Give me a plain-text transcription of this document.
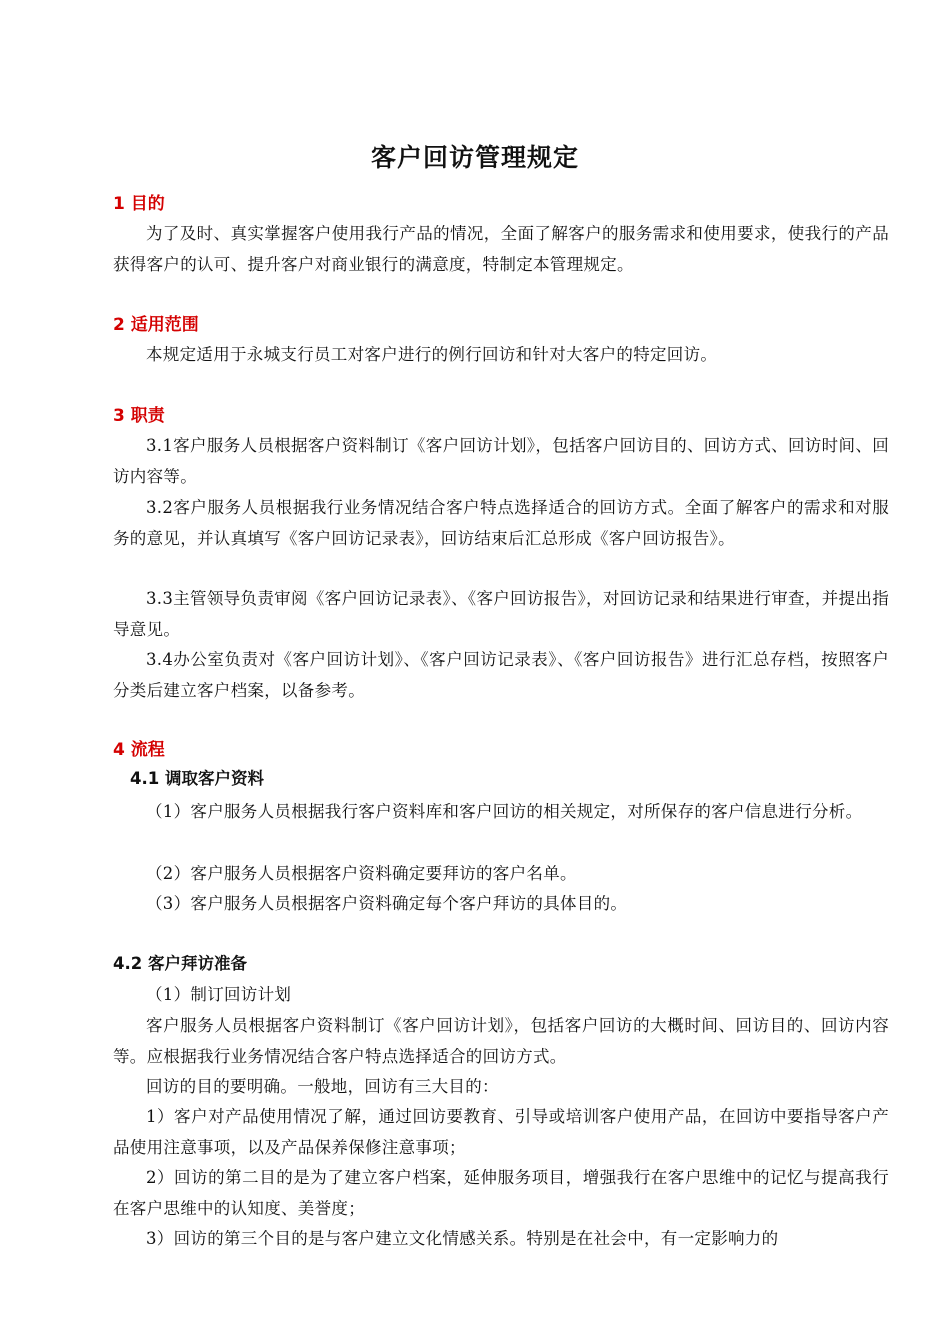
客户回访管理规定
1 目的
为了及时、真实掌握客户使用我行产品的情况，全面了解客户的服务需求和使用要求，使我行的产品获得客户的认可、提升客户对商业银行的满意度，特制定本管理规定。
2 适用范围
本规定适用于永城支行员工对客户进行的例行回访和针对大客户的特定回访。
3 职责
3.1客户服务人员根据客户资料制订《客户回访计划》，包括客户回访目的、回访方式、回访时间、回访内容等。
3.2客户服务人员根据我行业务情况结合客户特点选择适合的回访方式。全面了解客户的需求和对服务的意见，并认真填写《客户回访记录表》，回访结束后汇总形成《客户回访报告》。
3.3主管领导负责审阅《客户回访记录表》、《客户回访报告》，对回访记录和结果进行审查，并提出指导意见。
3.4办公室负责对《客户回访计划》、《客户回访记录表》、《客户回访报告》进行汇总存档，按照客户分类后建立客户档案，以备参考。
4 流程
4.1 调取客户资料
（1）客户服务人员根据我行客户资料库和客户回访的相关规定，对所保存的客户信息进行分析。
（2）客户服务人员根据客户资料确定要拜访的客户名单。
（3）客户服务人员根据客户资料确定每个客户拜访的具体目的。
4.2 客户拜访准备
（1）制订回访计划
客户服务人员根据客户资料制订《客户回访计划》，包括客户回访的大概时间、回访目的、回访内容等。应根据我行业务情况结合客户特点选择适合的回访方式。
回访的目的要明确。一般地，回访有三大目的：
1）客户对产品使用情况了解，通过回访要教育、引导或培训客户使用产品，在回访中要指导客户产品使用注意事项，以及产品保养保修注意事项；
2）回访的第二目的是为了建立客户档案，延伸服务项目，增强我行在客户思维中的记忆与提高我行在客户思维中的认知度、美誉度；
3）回访的第三个目的是与客户建立文化情感关系。特别是在社会中，有一定影响力的
